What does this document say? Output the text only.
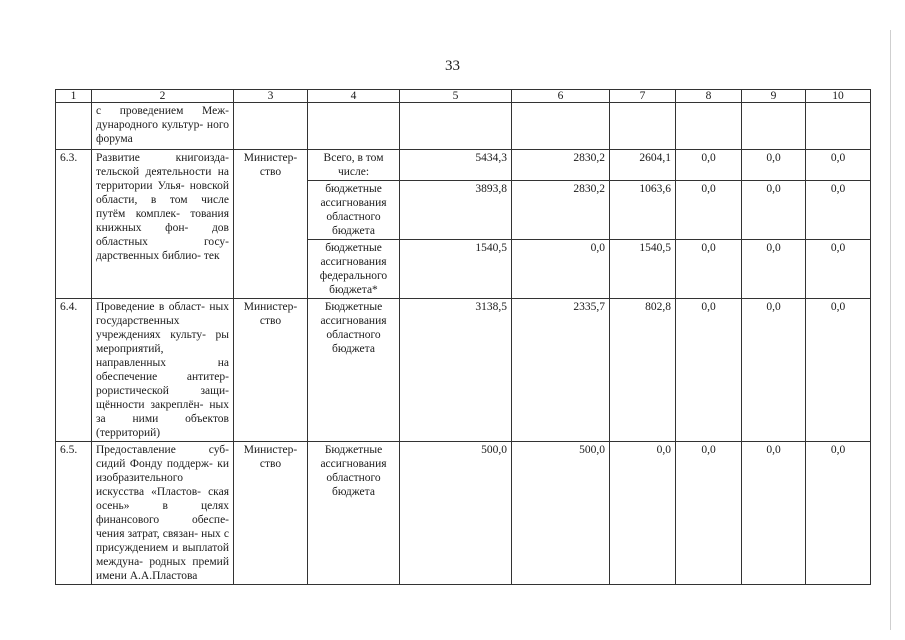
33
1	2	3	4	5	6	7	8	9	10
	с проведением Меж- дународного культур- ного форума								
6.3.	Развитие книгоизда- тельской деятельности на территории Улья- новской области, в том числе путём комплек- тования книжных фон- дов областных госу- дарственных библио- тек	Министер- ство	Всего, в том числе:	5434,3	2830,2	2604,1	0,0	0,0	0,0
			бюджетные ассигнования областного бюджета	3893,8	2830,2	1063,6	0,0	0,0	0,0
			бюджетные ассигнования федерального бюджета*	1540,5	0,0	1540,5	0,0	0,0	0,0
6.4.	Проведение в област- ных государственных учреждениях культу- ры мероприятий, направленных на обеспечение антитер- рористической защи- щённости закреплён- ных за ними объектов (территорий)	Министер- ство	Бюджетные ассигнования областного бюджета	3138,5	2335,7	802,8	0,0	0,0	0,0
6.5.	Предоставление суб- сидий Фонду поддерж- ки изобразительного искусства «Пластов- ская осень» в целях финансового обеспе- чения затрат, связан- ных с присуждением и выплатой междуна- родных премий имени А.А.Пластова	Министер- ство	Бюджетные ассигнования областного бюджета	500,0	500,0	0,0	0,0	0,0	0,0
